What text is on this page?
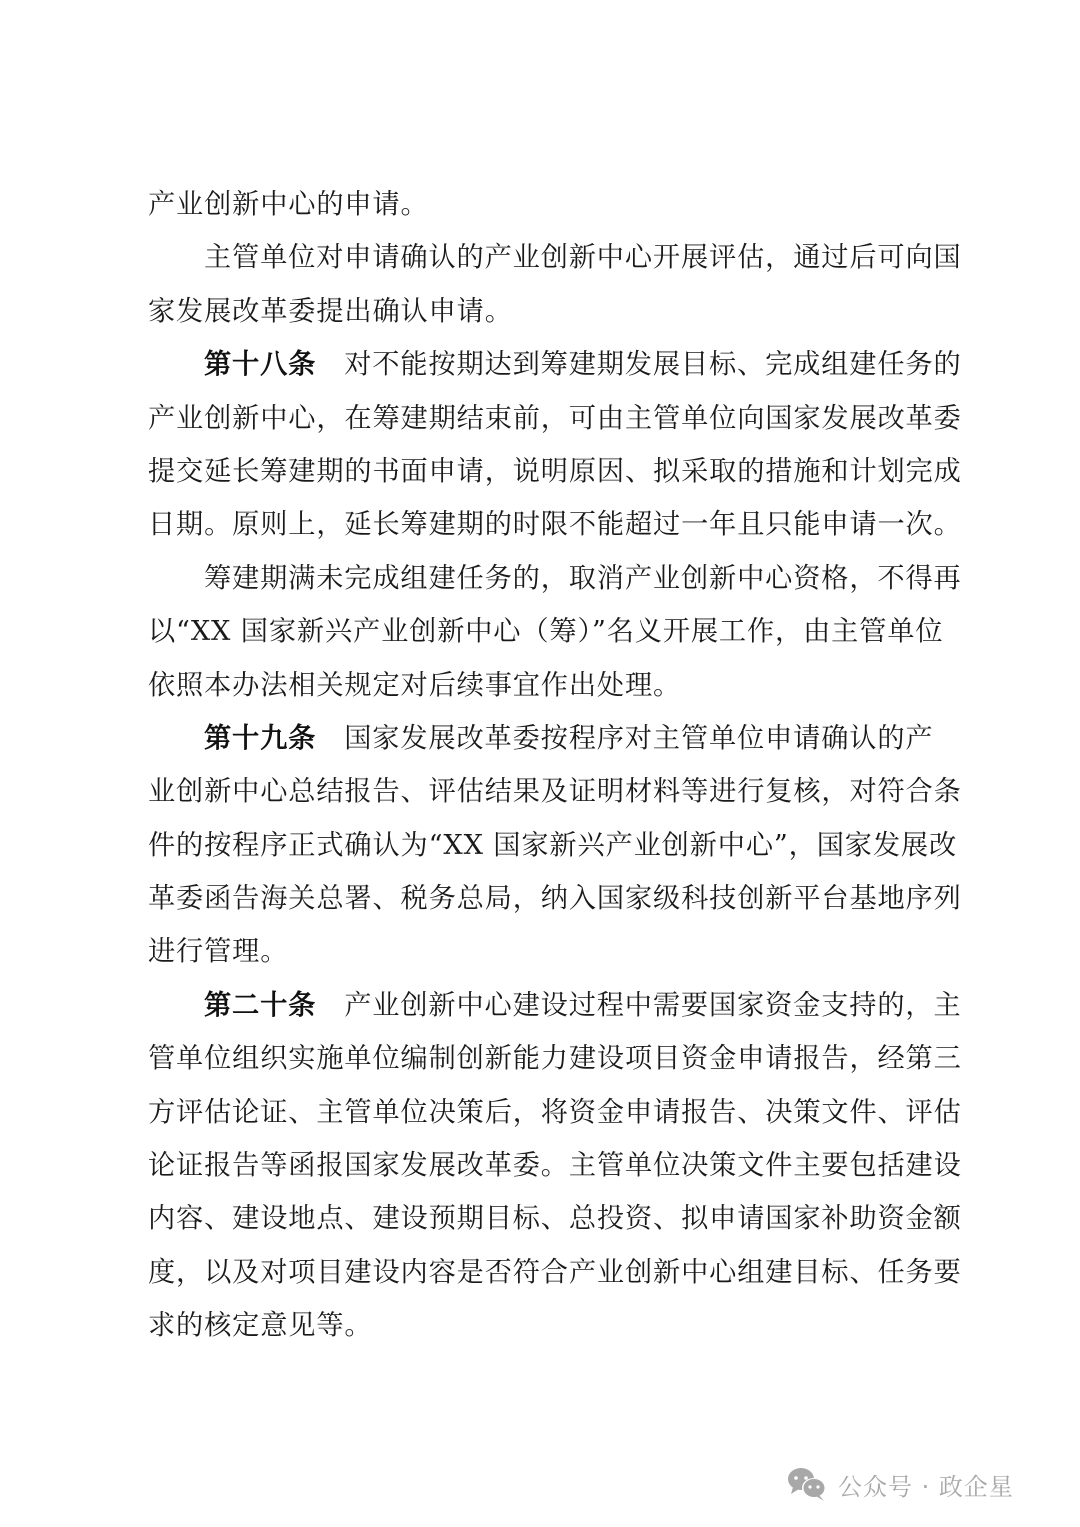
产业创新中心的申请。
主管单位对申请确认的产业创新中心开展评估，通过后可向国
家发展改革委提出确认申请。
第十八条 对不能按期达到筹建期发展目标、完成组建任务的
产业创新中心，在筹建期结束前，可由主管单位向国家发展改革委
提交延长筹建期的书面申请，说明原因、拟采取的措施和计划完成
日期。原则上，延长筹建期的时限不能超过一年且只能申请一次。
筹建期满未完成组建任务的，取消产业创新中心资格，不得再
以“XX 国家新兴产业创新中心（筹）”名义开展工作，由主管单位
依照本办法相关规定对后续事宜作出处理。
第十九条 国家发展改革委按程序对主管单位申请确认的产
业创新中心总结报告、评估结果及证明材料等进行复核，对符合条
件的按程序正式确认为“XX 国家新兴产业创新中心”，国家发展改
革委函告海关总署、税务总局，纳入国家级科技创新平台基地序列
进行管理。
第二十条 产业创新中心建设过程中需要国家资金支持的，主
管单位组织实施单位编制创新能力建设项目资金申请报告，经第三
方评估论证、主管单位决策后，将资金申请报告、决策文件、评估
论证报告等函报国家发展改革委。主管单位决策文件主要包括建设
内容、建设地点、建设预期目标、总投资、拟申请国家补助资金额
度，以及对项目建设内容是否符合产业创新中心组建目标、任务要
求的核定意见等。
公众号 · 政企星
